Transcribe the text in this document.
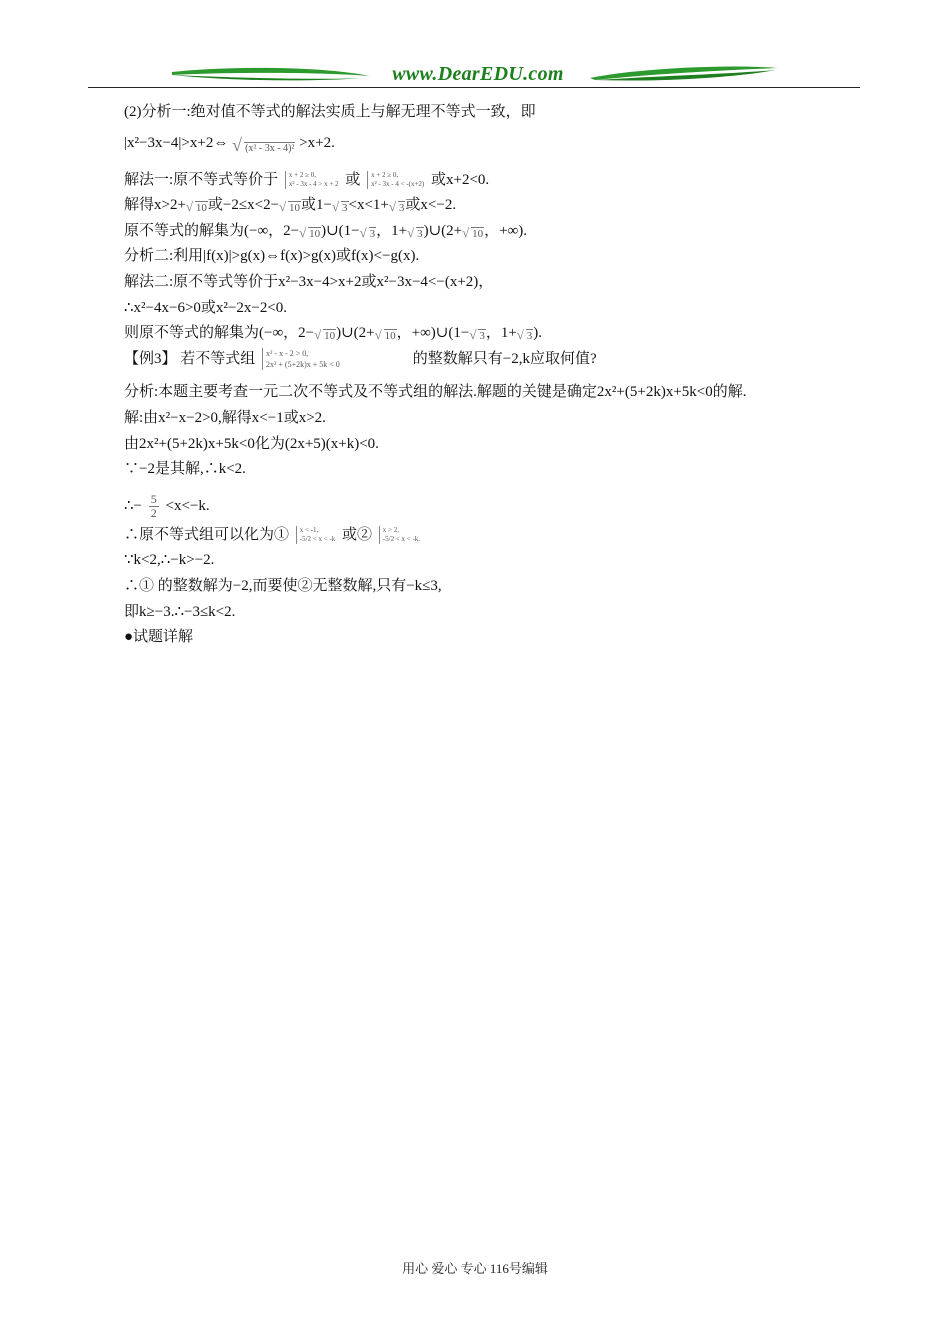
www.DearEDU.com
(2)分析一:绝对值不等式的解法实质上与解无理不等式一致，即
|x²−3x−4|>x+2⇔ √ (x² - 3x - 4)² >x+2.
解法一:原不等式等价于 x + 2 ≥ 0,
x² - 3x - 4 > x + 2 或 x + 2 ≥ 0,
x² - 3x - 4 < -(x+2) 或x+2<0.
解得x>2+ √ 10或−2≤x<2− √ 10或1− √ 3<x<1+ √ 3或x<−2.
原不等式的解集为(−∞，2− √ 10)∪(1− √ 3，1+ √ 3)∪(2+ √ 10，+∞).
分析二:利用|f(x)|>g(x)⇔f(x)>g(x)或f(x)<−g(x).
解法二:原不等式等价于x²−3x−4>x+2或x²−3x−4<−(x+2)，
∴x²−4x−6>0或x²−2x−2<0.
则原不等式的解集为(−∞，2− √ 10)∪(2+ √ 10，+∞)∪(1− √ 3，1+ √ 3).
【例3】 若不等式组 x² - x - 2 > 0,
2x² + (5+2k)x + 5k < 0	的整数解只有−2,k应取何值?
分析:本题主要考查一元二次不等式及不等式组的解法.解题的关键是确定2x²+(5+2k)x+5k<0的解.
解:由x²−x−2>0,解得x<−1或x>2.
由2x²+(5+2k)x+5k<0化为(2x+5)(x+k)<0.
∵−2是其解,∴k<2.
∴− $\frac{5}{2} <x<-k$.
∴原不等式组可以化为① x < -1,
-5/2 < x < -k 或② x > 2,
-5/2 < x < -k.
∵k<2,∴−k>−2.
∴① 的整数解为−2,而要使②无整数解,只有−k≤3,
即k≥−3.∴−3≤k<2.
●试题详解
用心 爱心 专心 116号编辑
